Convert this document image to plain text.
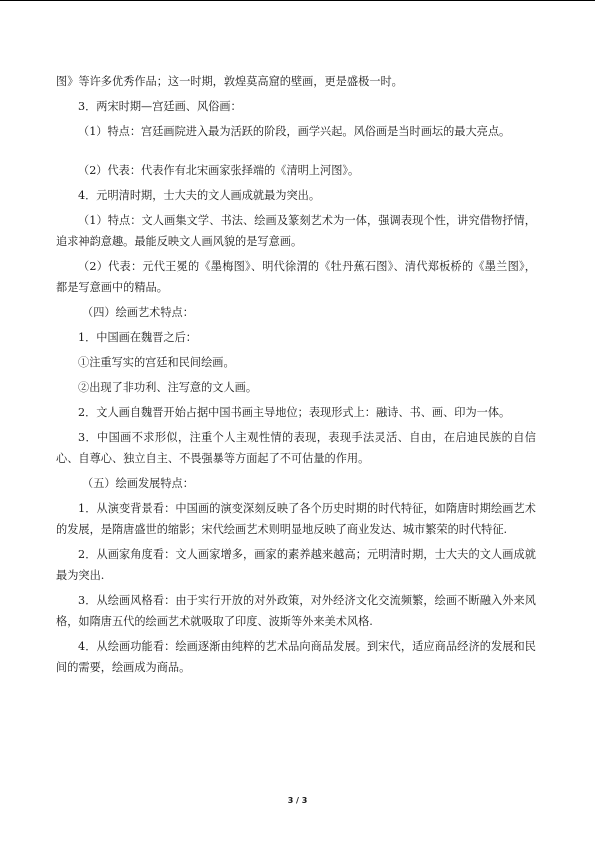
图》等许多优秀作品；这一时期，敦煌莫高窟的壁画，更是盛极一时。

3．两宋时期—宫廷画、风俗画：

（1）特点：宫廷画院进入最为活跃的阶段，画学兴起。风俗画是当时画坛的最大亮点。

（2）代表：代表作有北宋画家张择端的《清明上河图》。

4．元明清时期，士大夫的文人画成就最为突出。

（1）特点：文人画集文学、书法、绘画及篆刻艺术为一体，强调表现个性，讲究借物抒情，追求神韵意趣。最能反映文人画风貌的是写意画。

（2）代表：元代王冕的《墨梅图》、明代徐渭的《牡丹蕉石图》、清代郑板桥的《墨兰图》，都是写意画中的精品。

（四）绘画艺术特点：

1．中国画在魏晋之后：

①注重写实的宫廷和民间绘画。

②出现了非功利、注写意的文人画。

2．文人画自魏晋开始占据中国书画主导地位；表现形式上：融诗、书、画、印为一体。

3．中国画不求形似，注重个人主观性情的表现，表现手法灵活、自由，在启迪民族的自信心、自尊心、独立自主、不畏强暴等方面起了不可估量的作用。

（五）绘画发展特点：

1．从演变背景看：中国画的演变深刻反映了各个历史时期的时代特征，如隋唐时期绘画艺术的发展，是隋唐盛世的缩影；宋代绘画艺术则明显地反映了商业发达、城市繁荣的时代特征.

2．从画家角度看：文人画家增多，画家的素养越来越高；元明清时期，士大夫的文人画成就最为突出.

3．从绘画风格看：由于实行开放的对外政策，对外经济文化交流频繁，绘画不断融入外来风格，如隋唐五代的绘画艺术就吸取了印度、波斯等外来美术风格.

4．从绘画功能看：绘画逐渐由纯粹的艺术品向商品发展。到宋代，适应商品经济的发展和民间的需要，绘画成为商品。

3 / 3
